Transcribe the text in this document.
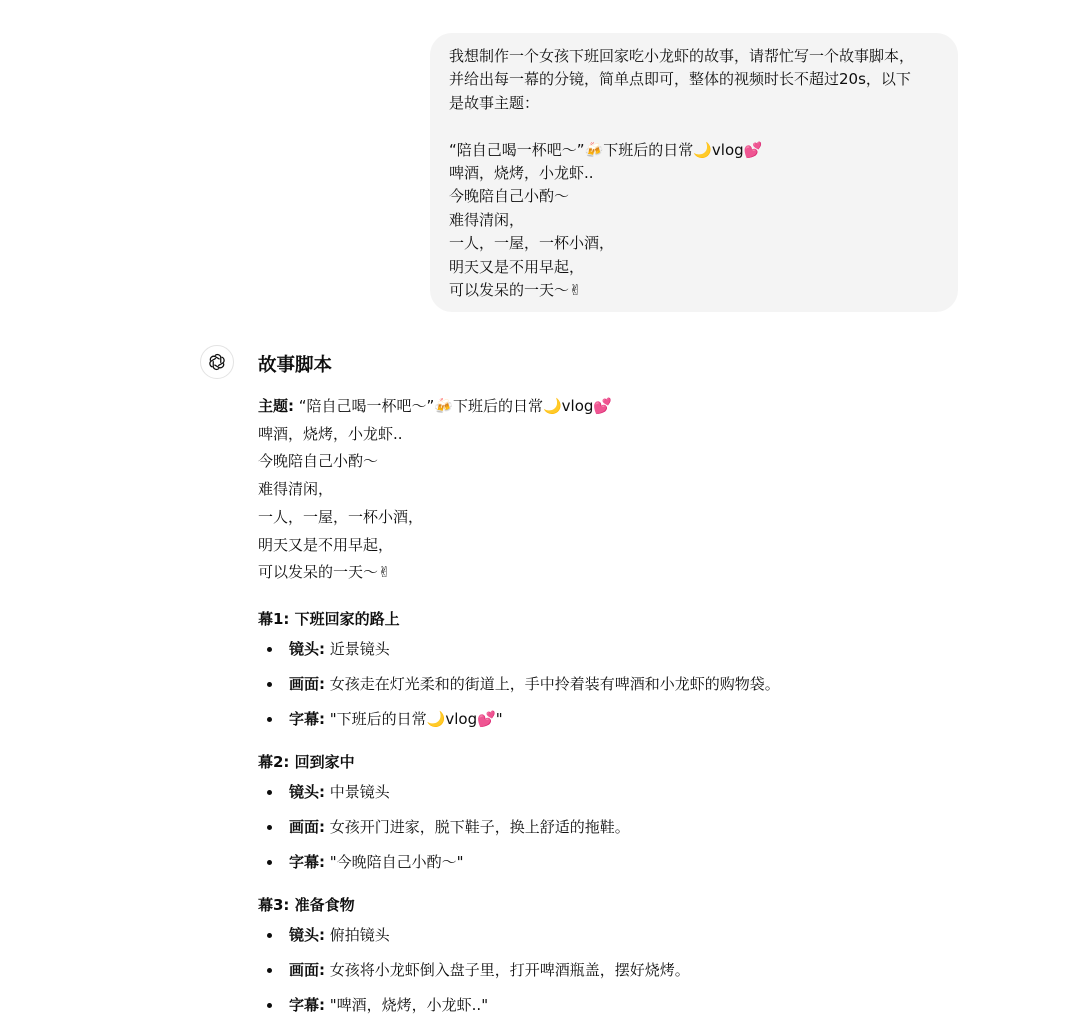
我想制作一个女孩下班回家吃小龙虾的故事，请帮忙写一个故事脚本，
并给出每一幕的分镜，简单点即可，整体的视频时长不超过20s，以下
是故事主题：
“陪自己喝一杯吧～”🍻下班后的日常🌙vlog💕
啤酒，烧烤，小龙虾..
今晚陪自己小酌～
难得清闲，
一人，一屋，一杯小酒，
明天又是不用早起，
可以发呆的一天～✌
故事脚本
主题: “陪自己喝一杯吧～”🍻下班后的日常🌙vlog💕
啤酒，烧烤，小龙虾..
今晚陪自己小酌～
难得清闲，
一人，一屋，一杯小酒，
明天又是不用早起，
可以发呆的一天～✌
幕1: 下班回家的路上
镜头: 近景镜头
画面: 女孩走在灯光柔和的街道上，手中拎着装有啤酒和小龙虾的购物袋。
字幕: "下班后的日常🌙vlog💕"
幕2: 回到家中
镜头: 中景镜头
画面: 女孩开门进家，脱下鞋子，换上舒适的拖鞋。
字幕: "今晚陪自己小酌～"
幕3: 准备食物
镜头: 俯拍镜头
画面: 女孩将小龙虾倒入盘子里，打开啤酒瓶盖，摆好烧烤。
字幕: "啤酒，烧烤，小龙虾.."
